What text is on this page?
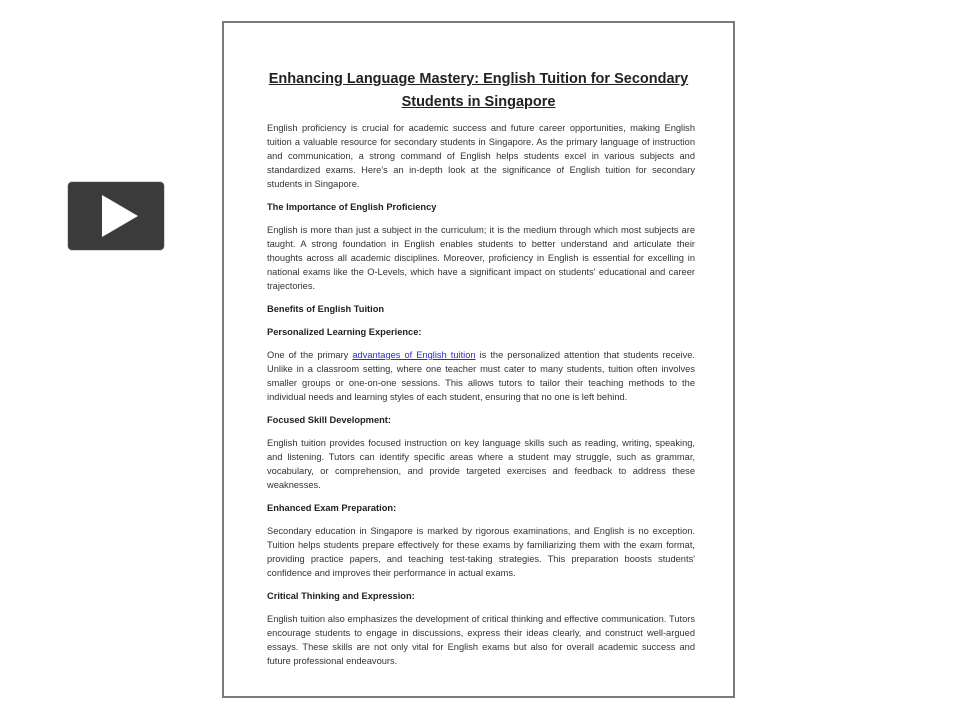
Enhancing Language Mastery: English Tuition for Secondary
Students in Singapore

English proficiency is crucial for academic success and future career opportunities, making English tuition a valuable resource for secondary students in Singapore. As the primary language of instruction and communication, a strong command of English helps students excel in various subjects and standardized exams. Here’s an in-depth look at the significance of English tuition for secondary students in Singapore.

The Importance of English Proficiency

English is more than just a subject in the curriculum; it is the medium through which most subjects are taught. A strong foundation in English enables students to better understand and articulate their thoughts across all academic disciplines. Moreover, proficiency in English is essential for excelling in national exams like the O-Levels, which have a significant impact on students' educational and career trajectories.

Benefits of English Tuition
Personalized Learning Experience:

One of the primary advantages of English tuition is the personalized attention that students receive. Unlike in a classroom setting, where one teacher must cater to many students, tuition often involves smaller groups or one-on-one sessions. This allows tutors to tailor their teaching methods to the individual needs and learning styles of each student, ensuring that no one is left behind.

Focused Skill Development:

English tuition provides focused instruction on key language skills such as reading, writing, speaking, and listening. Tutors can identify specific areas where a student may struggle, such as grammar, vocabulary, or comprehension, and provide targeted exercises and feedback to address these weaknesses.

Enhanced Exam Preparation:

Secondary education in Singapore is marked by rigorous examinations, and English is no exception. Tuition helps students prepare effectively for these exams by familiarizing them with the exam format, providing practice papers, and teaching test-taking strategies. This preparation boosts students' confidence and improves their performance in actual exams.

Critical Thinking and Expression:

English tuition also emphasizes the development of critical thinking and effective communication. Tutors encourage students to engage in discussions, express their ideas clearly, and construct well-argued essays. These skills are not only vital for English exams but also for overall academic success and future professional endeavours.
